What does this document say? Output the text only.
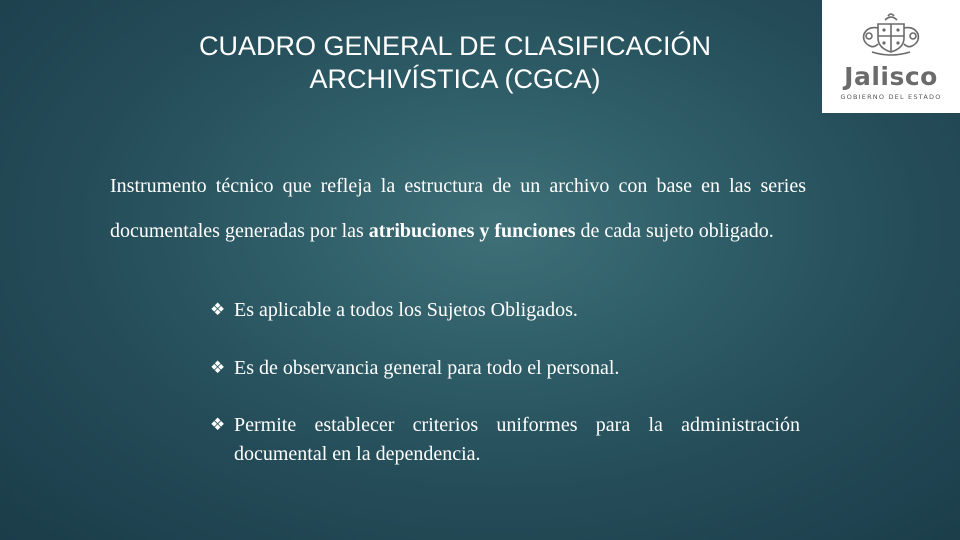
CUADRO GENERAL DE CLASIFICACIÓN
ARCHIVÍSTICA (CGCA)	Jalisco
GOBIERNO DEL ESTADO

Instrumento técnico que refleja la estructura de un archivo con base en las series documentales generadas por las atribuciones y funciones de cada sujeto obligado.

❖ Es aplicable a todos los Sujetos Obligados.
❖ Es de observancia general para todo el personal.
❖ Permite establecer criterios uniformes para la administración documental en la dependencia.
